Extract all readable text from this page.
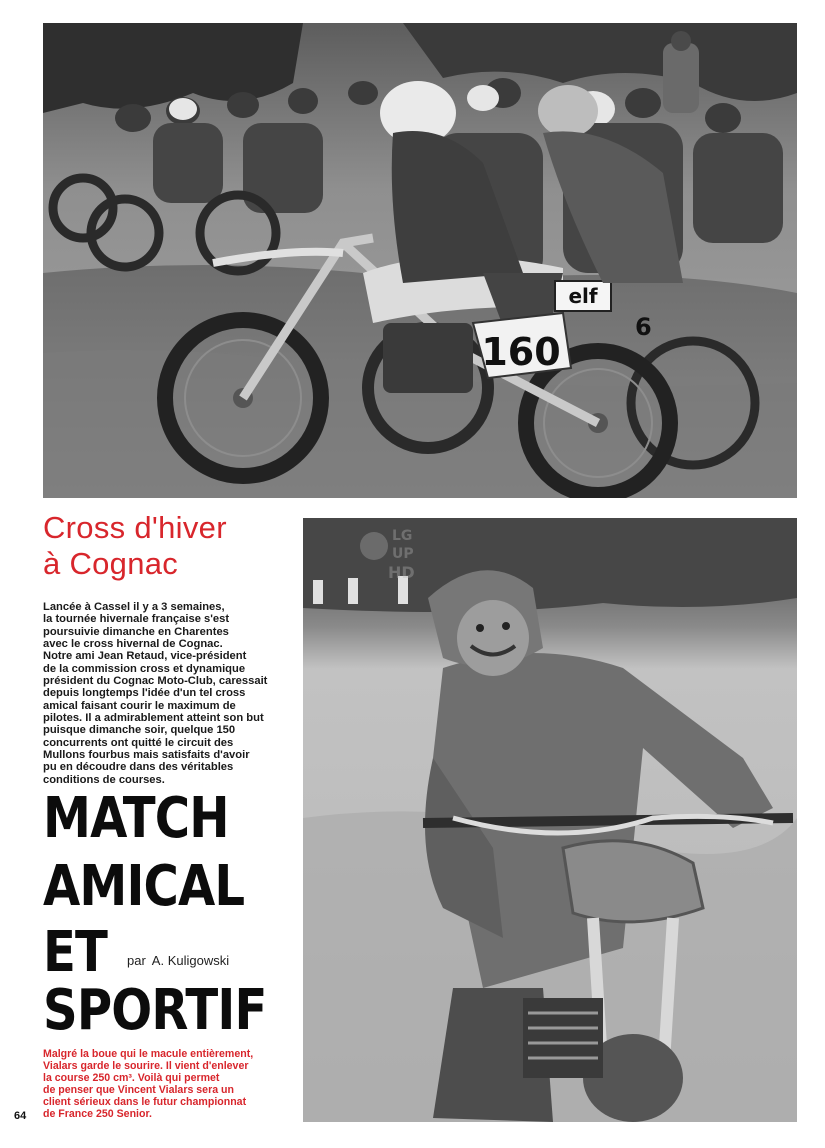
160
elf
6
Cross d'hiver
à Cognac
Lancée à Cassel il y a 3 semaines,
la tournée hivernale française s'est
poursuivie dimanche en Charentes
avec le cross hivernal de Cognac.
Notre ami Jean Retaud, vice-président
de la commission cross et dynamique
président du Cognac Moto-Club, caressait
depuis longtemps l'idée d'un tel cross
amical faisant courir le maximum de
pilotes. Il a admirablement atteint son but
puisque dimanche soir, quelque 150
concurrents ont quitté le circuit des
Mullons fourbus mais satisfaits d'avoir
pu en découdre dans des véritables
conditions de courses.
MATCH
AMICAL
ET
SPORTIF
par A. Kuligowski
LG
UP
HD
Malgré la boue qui le macule entièrement,
Vialars garde le sourire. Il vient d'enlever
la course 250 cm³. Voilà qui permet
de penser que Vincent Vialars sera un
client sérieux dans le futur championnat
de France 250 Senior.
64
